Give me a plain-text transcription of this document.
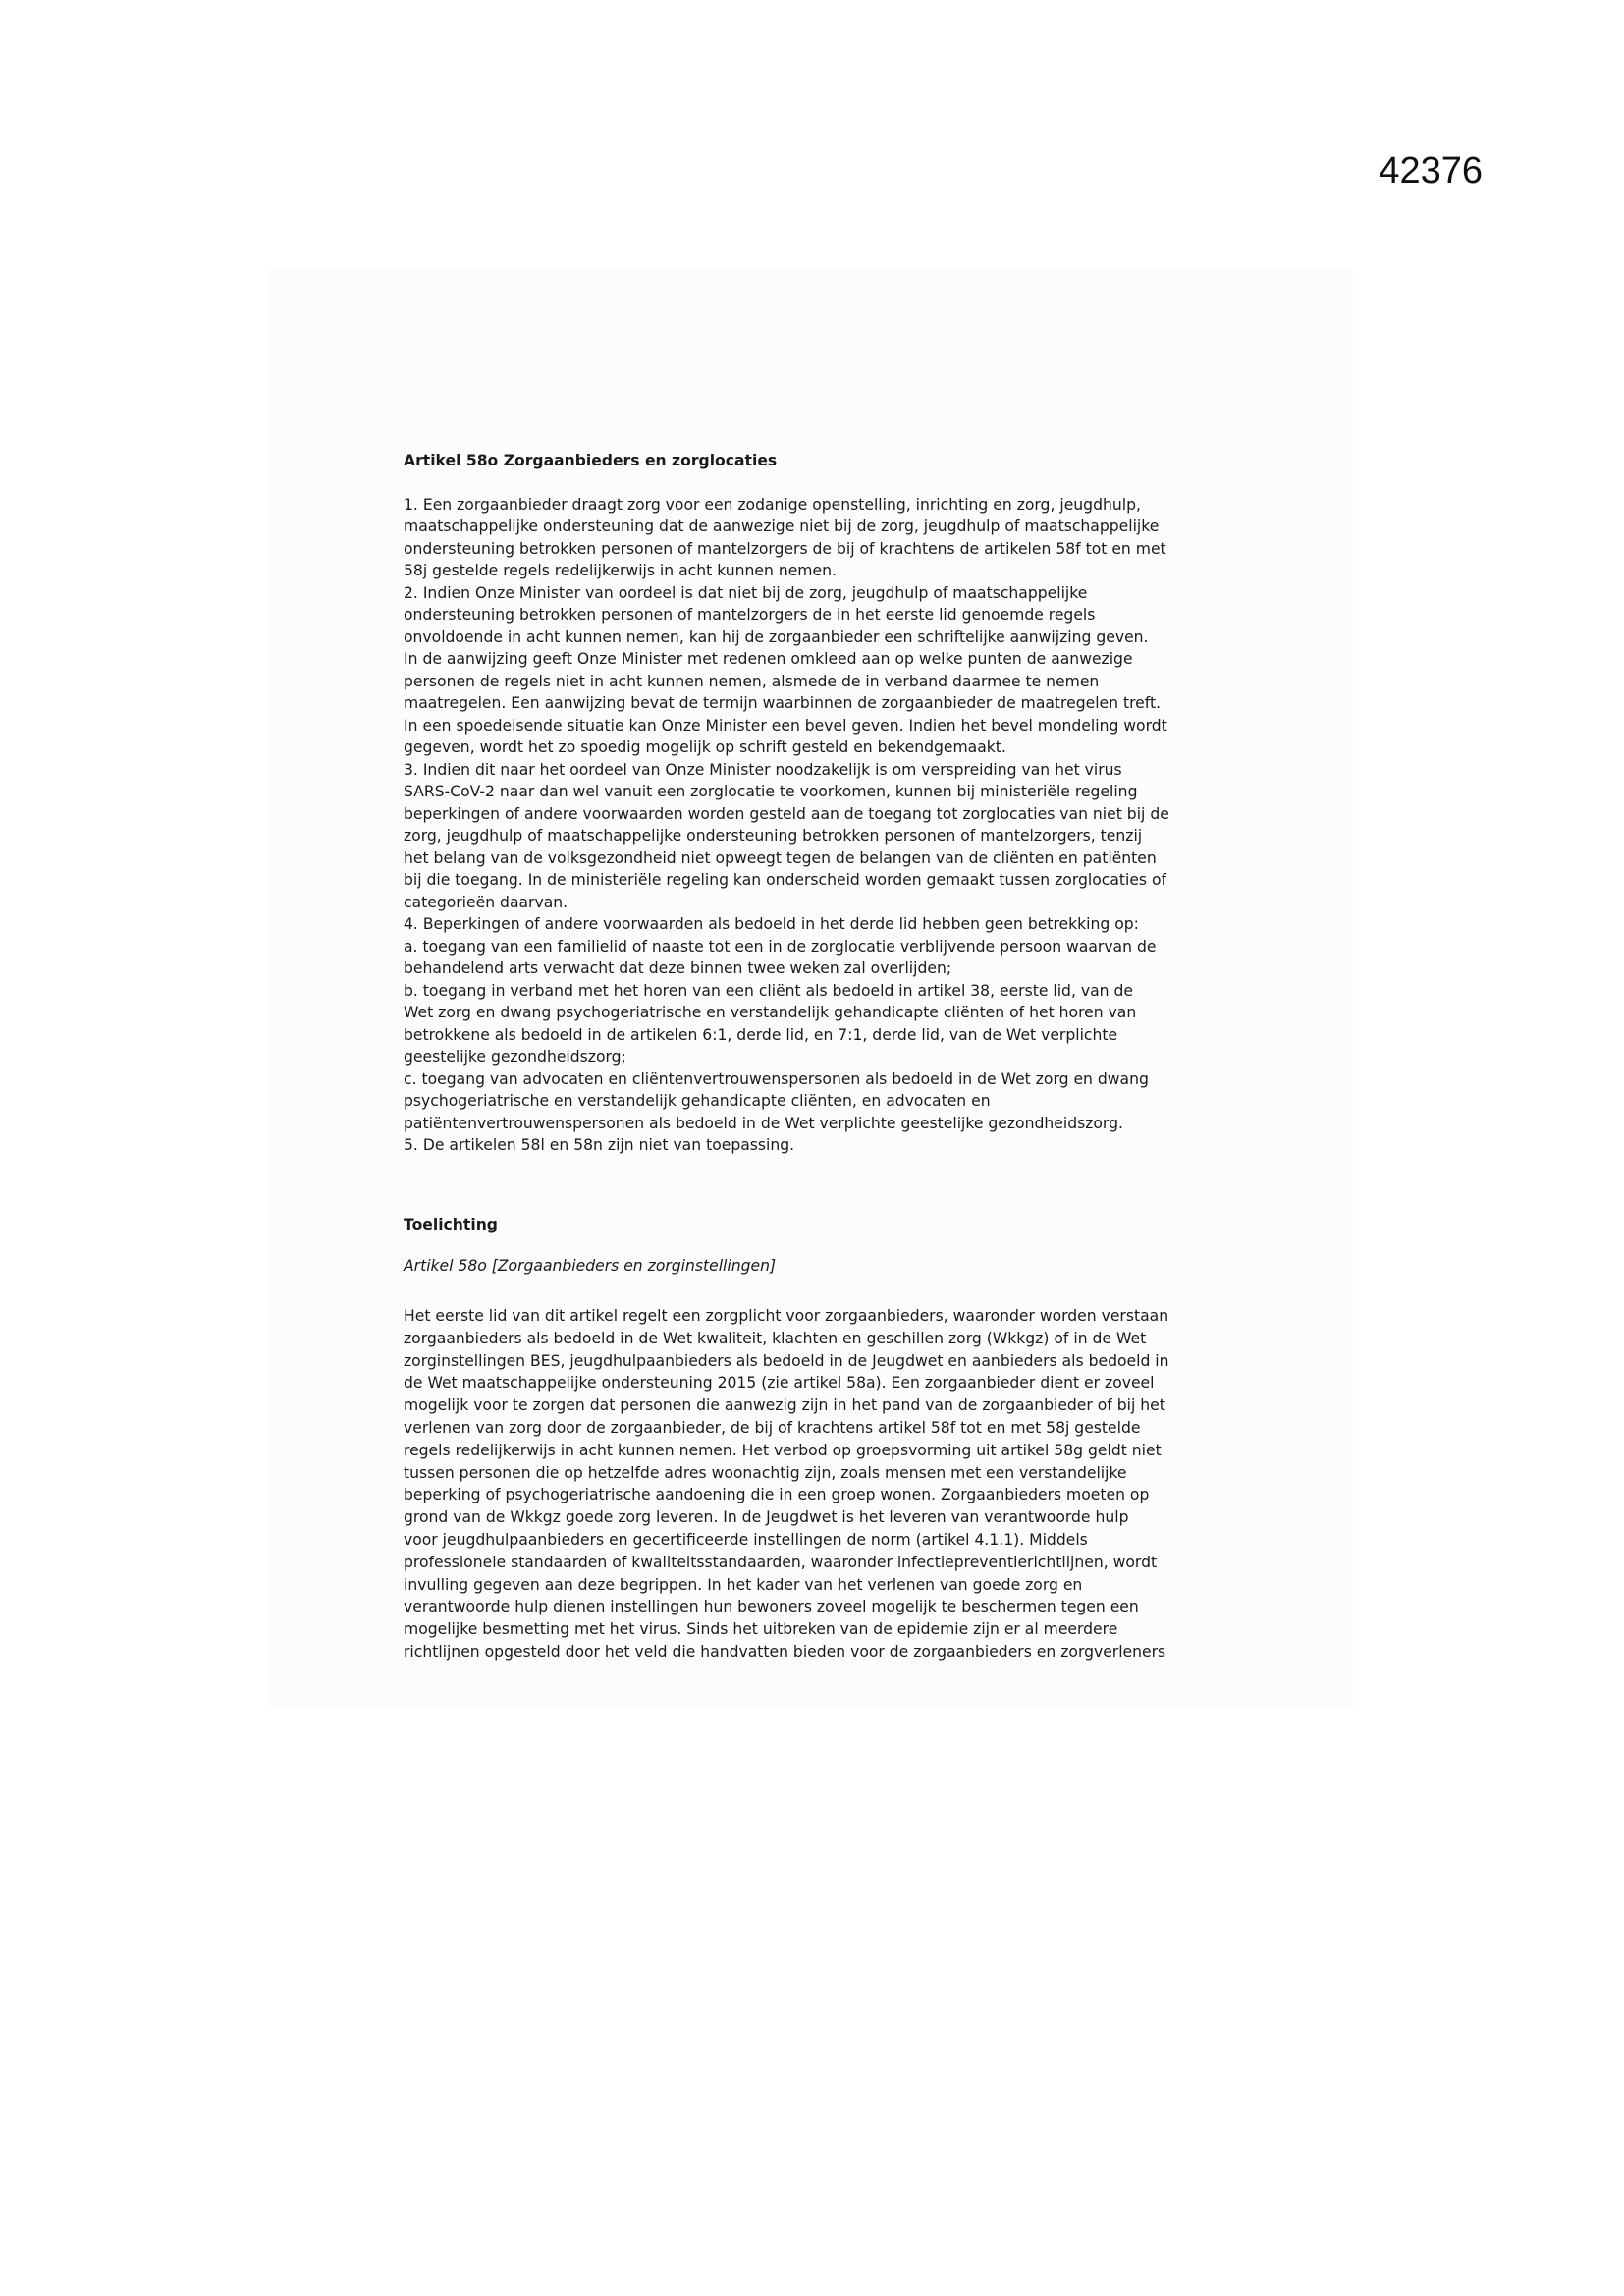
42376

Artikel 58o Zorgaanbieders en zorglocaties

1. Een zorgaanbieder draagt zorg voor een zodanige openstelling, inrichting en zorg, jeugdhulp,

maatschappelijke ondersteuning dat de aanwezige niet bij de zorg, jeugdhulp of maatschappelijke

ondersteuning betrokken personen of mantelzorgers de bij of krachtens de artikelen 58f tot en met

58j gestelde regels redelijkerwijs in acht kunnen nemen.

2. Indien Onze Minister van oordeel is dat niet bij de zorg, jeugdhulp of maatschappelijke

ondersteuning betrokken personen of mantelzorgers de in het eerste lid genoemde regels

onvoldoende in acht kunnen nemen, kan hij de zorgaanbieder een schriftelijke aanwijzing geven.

In de aanwijzing geeft Onze Minister met redenen omkleed aan op welke punten de aanwezige

personen de regels niet in acht kunnen nemen, alsmede de in verband daarmee te nemen

maatregelen. Een aanwijzing bevat de termijn waarbinnen de zorgaanbieder de maatregelen treft.

In een spoedeisende situatie kan Onze Minister een bevel geven. Indien het bevel mondeling wordt

gegeven, wordt het zo spoedig mogelijk op schrift gesteld en bekendgemaakt.

3. Indien dit naar het oordeel van Onze Minister noodzakelijk is om verspreiding van het virus

SARS-CoV-2 naar dan wel vanuit een zorglocatie te voorkomen, kunnen bij ministeriële regeling

beperkingen of andere voorwaarden worden gesteld aan de toegang tot zorglocaties van niet bij de

zorg, jeugdhulp of maatschappelijke ondersteuning betrokken personen of mantelzorgers, tenzij

het belang van de volksgezondheid niet opweegt tegen de belangen van de cliënten en patiënten

bij die toegang. In de ministeriële regeling kan onderscheid worden gemaakt tussen zorglocaties of

categorieën daarvan.

4. Beperkingen of andere voorwaarden als bedoeld in het derde lid hebben geen betrekking op:

a. toegang van een familielid of naaste tot een in de zorglocatie verblijvende persoon waarvan de

behandelend arts verwacht dat deze binnen twee weken zal overlijden;

b. toegang in verband met het horen van een cliënt als bedoeld in artikel 38, eerste lid, van de

Wet zorg en dwang psychogeriatrische en verstandelijk gehandicapte cliënten of het horen van

betrokkene als bedoeld in de artikelen 6:1, derde lid, en 7:1, derde lid, van de Wet verplichte

geestelijke gezondheidszorg;

c. toegang van advocaten en cliëntenvertrouwenspersonen als bedoeld in de Wet zorg en dwang

psychogeriatrische en verstandelijk gehandicapte cliënten, en advocaten en

patiëntenvertrouwenspersonen als bedoeld in de Wet verplichte geestelijke gezondheidszorg.

5. De artikelen 58l en 58n zijn niet van toepassing.

Toelichting

Artikel 58o [Zorgaanbieders en zorginstellingen]

Het eerste lid van dit artikel regelt een zorgplicht voor zorgaanbieders, waaronder worden verstaan

zorgaanbieders als bedoeld in de Wet kwaliteit, klachten en geschillen zorg (Wkkgz) of in de Wet

zorginstellingen BES, jeugdhulpaanbieders als bedoeld in de Jeugdwet en aanbieders als bedoeld in

de Wet maatschappelijke ondersteuning 2015 (zie artikel 58a). Een zorgaanbieder dient er zoveel

mogelijk voor te zorgen dat personen die aanwezig zijn in het pand van de zorgaanbieder of bij het

verlenen van zorg door de zorgaanbieder, de bij of krachtens artikel 58f tot en met 58j gestelde

regels redelijkerwijs in acht kunnen nemen. Het verbod op groepsvorming uit artikel 58g geldt niet

tussen personen die op hetzelfde adres woonachtig zijn, zoals mensen met een verstandelijke

beperking of psychogeriatrische aandoening die in een groep wonen. Zorgaanbieders moeten op

grond van de Wkkgz goede zorg leveren. In de Jeugdwet is het leveren van verantwoorde hulp

voor jeugdhulpaanbieders en gecertificeerde instellingen de norm (artikel 4.1.1). Middels

professionele standaarden of kwaliteitsstandaarden, waaronder infectiepreventierichtlijnen, wordt

invulling gegeven aan deze begrippen. In het kader van het verlenen van goede zorg en

verantwoorde hulp dienen instellingen hun bewoners zoveel mogelijk te beschermen tegen een

mogelijke besmetting met het virus. Sinds het uitbreken van de epidemie zijn er al meerdere

richtlijnen opgesteld door het veld die handvatten bieden voor de zorgaanbieders en zorgverleners
